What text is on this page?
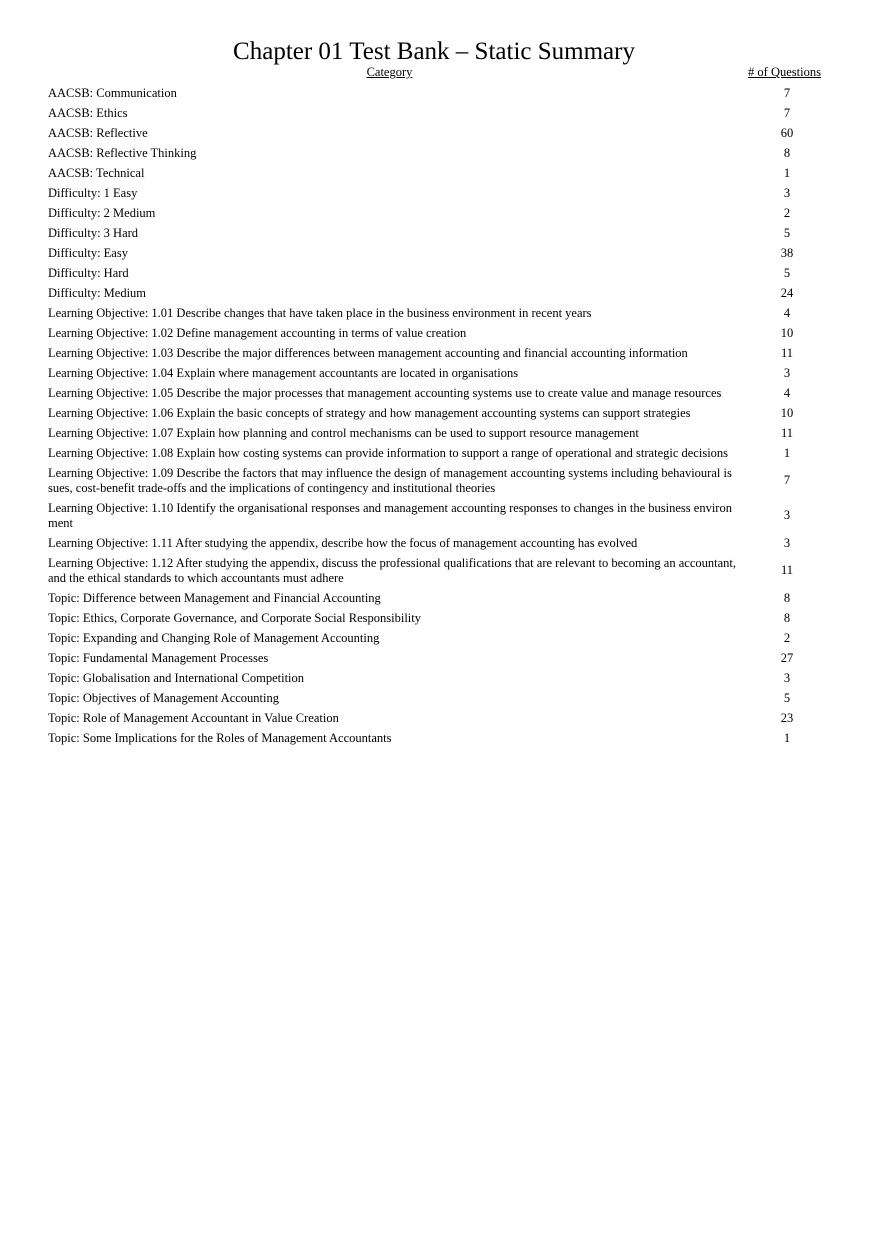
Chapter 01 Test Bank – Static Summary
Category	# of Questions
AACSB: Communication	7
AACSB: Ethics	7
AACSB: Reflective	60
AACSB: Reflective Thinking	8
AACSB: Technical	1
Difficulty: 1 Easy	3
Difficulty: 2 Medium	2
Difficulty: 3 Hard	5
Difficulty: Easy	38
Difficulty: Hard	5
Difficulty: Medium	24
Learning Objective: 1.01 Describe changes that have taken place in the business environment in recent years	4
Learning Objective: 1.02 Define management accounting in terms of value creation	10
Learning Objective: 1.03 Describe the major differences between management accounting and financial accounting information	11
Learning Objective: 1.04 Explain where management accountants are located in organisations	3
Learning Objective: 1.05 Describe the major processes that management accounting systems use to create value and manage resources	4
Learning Objective: 1.06 Explain the basic concepts of strategy and how management accounting systems can support strategies	10
Learning Objective: 1.07 Explain how planning and control mechanisms can be used to support resource management	11
Learning Objective: 1.08 Explain how costing systems can provide information to support a range of operational and strategic decisions	1
Learning Objective: 1.09 Describe the factors that may influence the design of management accounting systems including behavioural issues, cost-benefit trade-offs and the implications of contingency and institutional theories	7
Learning Objective: 1.10 Identify the organisational responses and management accounting responses to changes in the business environment	3
Learning Objective: 1.11 After studying the appendix, describe how the focus of management accounting has evolved	3
Learning Objective: 1.12 After studying the appendix, discuss the professional qualifications that are relevant to becoming an accountant, and the ethical standards to which accountants must adhere	11
Topic: Difference between Management and Financial Accounting	8
Topic: Ethics, Corporate Governance, and Corporate Social Responsibility	8
Topic: Expanding and Changing Role of Management Accounting	2
Topic: Fundamental Management Processes	27
Topic: Globalisation and International Competition	3
Topic: Objectives of Management Accounting	5
Topic: Role of Management Accountant in Value Creation	23
Topic: Some Implications for the Roles of Management Accountants	1
